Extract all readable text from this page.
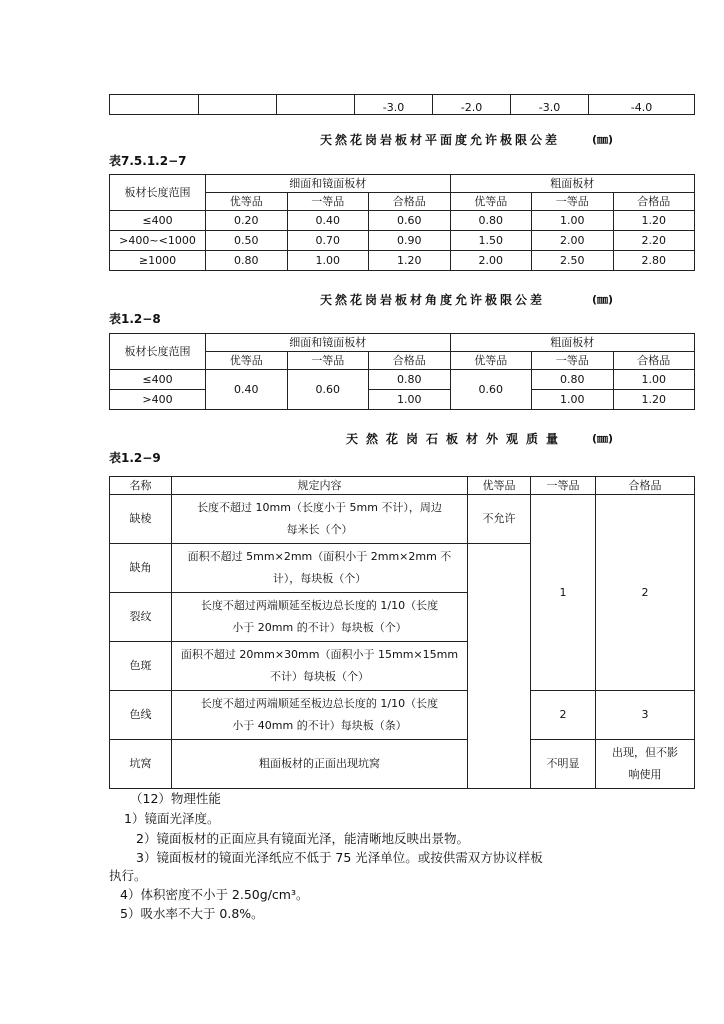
			-3.0	-2.0	-3.0	-4.0
天然花岗岩板材平面度允许极限公差	(㎜)
表7.5.1.2−7
板材长度范围	细面和镜面板材			粗面板材		
	优等品	一等品	合格品	优等品	一等品	合格品
≤400	0.20	0.40	0.60	0.80	1.00	1.20
>400~<1000	0.50	0.70	0.90	1.50	2.00	2.20
≥1000	0.80	1.00	1.20	2.00	2.50	2.80
天然花岗岩板材角度允许极限公差	(㎜)
表1.2−8
板材长度范围	细面和镜面板材			粗面板材		
	优等品	一等品	合格品	优等品	一等品	合格品
≤400	0.40	0.60	0.80	0.60	0.80	1.00
>400			1.00		1.00	1.20
天然花岗石板材外观质量 (㎜)
表1.2−9
名称	规定内容	优等品	一等品	合格品
缺棱	长度不超过 10mm（长度小于 5mm 不计），周边
每米长（个）	不允许	1	2
缺角	面积不超过 5mm×2mm（面积小于 2mm×2mm 不
计），每块板（个）			

裂纹	长度不超过两端顺延至板边总长度的 1/10（长度
小于 20mm 的不计）每块板（个）			

色斑	面积不超过 20mm×30mm（面积小于 15mm×15mm
不计）每块板（个）			

色线	长度不超过两端顺延至板边总长度的 1/10（长度
小于 40mm 的不计）每块板（条）		2	3
坑窝	粗面板材的正面出现坑窝		不明显	出现，但不影
响使用
（12）物理性能
1）镜面光泽度。
2）镜面板材的正面应具有镜面光泽，能清晰地反映出景物。
3）镜面板材的镜面光泽纸应不低于 75 光泽单位。或按供需双方协议样板
执行。
4）体积密度不小于 2.50g/cm³。
5）吸水率不大于 0.8%。
